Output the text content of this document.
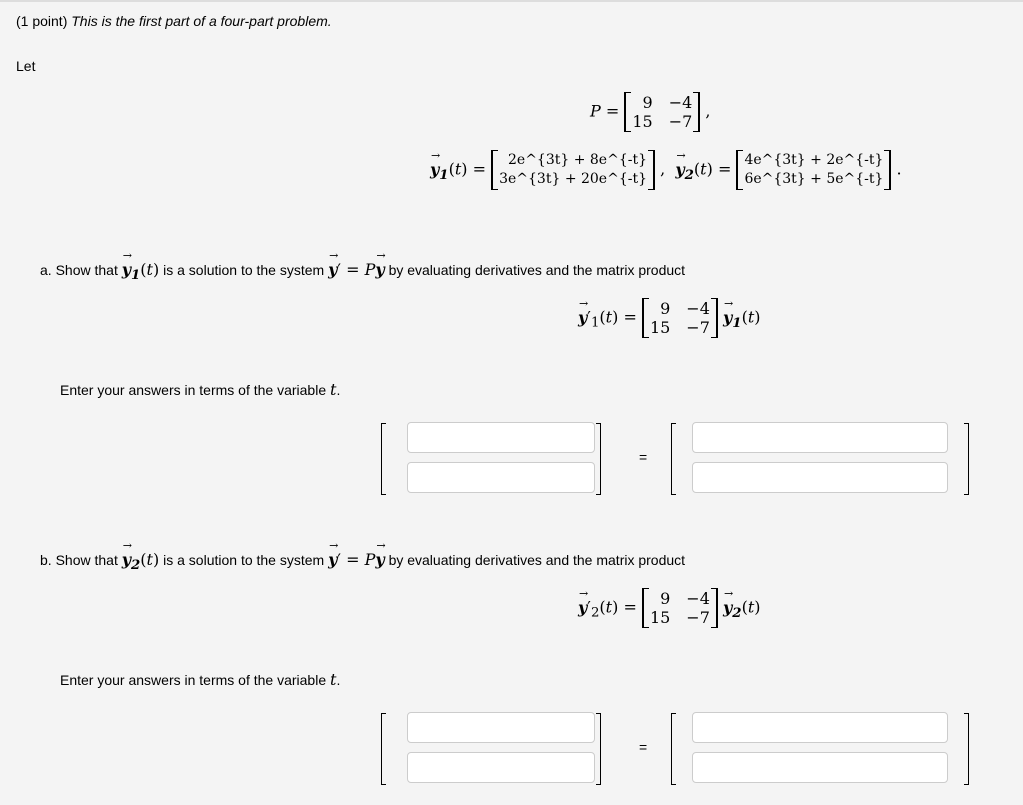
(1 point) This is the first part of a four-part problem.
Let
P =	9 −4
15 −7
,
→ $y_1(t)$ =	2e^{3t} + 8e^{-t}
3e^{3t} + 20e^{-t}
,  → $y_2(t)$ = 4e^{3t} + 2e^{-t}
6e^{3t} + 5e^{-t}
.
a. Show that → $y_1(t)$ is a solution to the system → y′ = P→ y by evaluating derivatives and the matrix product
→ $y'_1(t)$ =	9 −4
15 −7
→ $y_1(t)$
Enter your answers in terms of the variable t.
=
b. Show that → $y_2(t)$ is a solution to the system → y′ = P→ y by evaluating derivatives and the matrix product
→ $y'_2(t)$ =	9 −4
15 −7
→ $y_2(t)$
Enter your answers in terms of the variable t.
=
